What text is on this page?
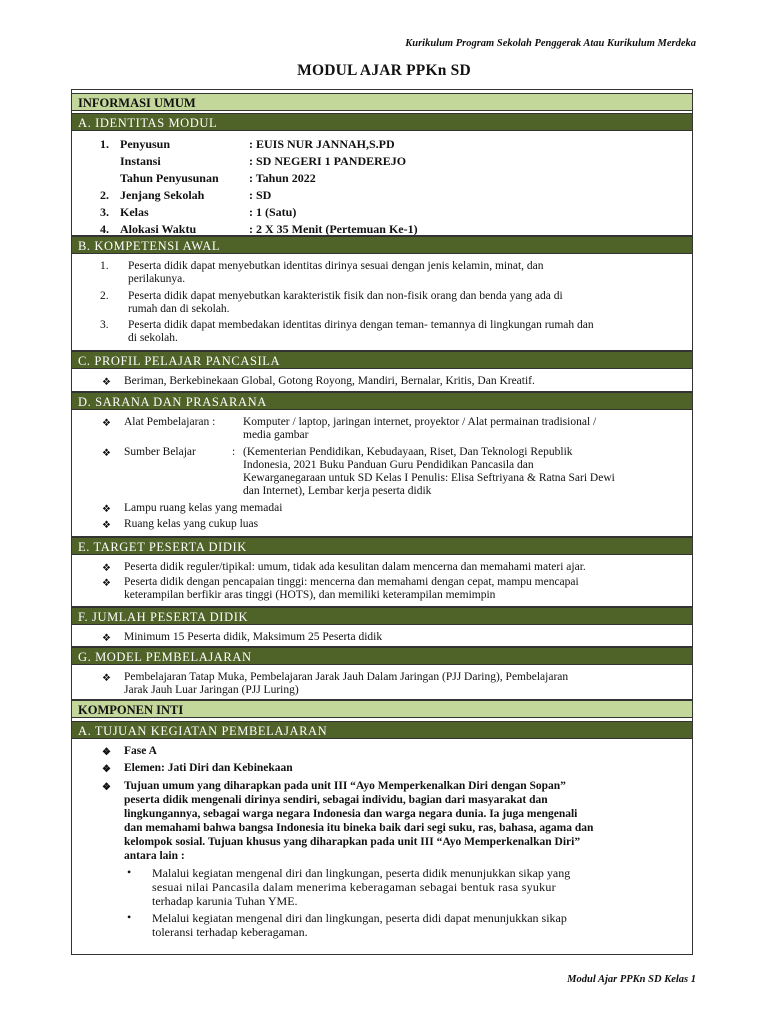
Kurikulum Program Sekolah Penggerak Atau Kurikulum Merdeka
MODUL AJAR PPKn SD
INFORMASI UMUM
A. IDENTITAS MODUL
1. Penyusun	: EUIS NUR JANNAH,S.PD
Instansi	: SD NEGERI 1 PANDEREJO
Tahun Penyusunan	: Tahun 2022
2. Jenjang Sekolah	: SD
3. Kelas	: 1 (Satu)
4. Alokasi Waktu	: 2 X 35 Menit (Pertemuan Ke-1)
B. KOMPETENSI AWAL
1. Peserta didik dapat menyebutkan identitas dirinya sesuai dengan jenis kelamin, minat, dan
perilakunya.
2. Peserta didik dapat menyebutkan karakteristik fisik dan non-fisik orang dan benda yang ada di
rumah dan di sekolah.
3. Peserta didik dapat membedakan identitas dirinya dengan teman- temannya di lingkungan rumah dan
di sekolah.
C. PROFIL PELAJAR PANCASILA
❖ Beriman, Berkebinekaan Global, Gotong Royong, Mandiri, Bernalar, Kritis, Dan Kreatif.
D. SARANA DAN PRASARANA
❖ Alat Pembelajaran : Komputer / laptop, jaringan internet, proyektor / Alat permainan tradisional /
media gambar
❖ Sumber Belajar	: (Kementerian Pendidikan, Kebudayaan, Riset, Dan Teknologi Republik
Indonesia, 2021 Buku Panduan Guru Pendidikan Pancasila dan
Kewarganegaraan untuk SD Kelas I Penulis: Elisa Seftriyana & Ratna Sari Dewi
dan Internet), Lembar kerja peserta didik
❖ Lampu ruang kelas yang memadai
❖ Ruang kelas yang cukup luas
E. TARGET PESERTA DIDIK
❖ Peserta didik reguler/tipikal: umum, tidak ada kesulitan dalam mencerna dan memahami materi ajar.
❖ Peserta didik dengan pencapaian tinggi: mencerna dan memahami dengan cepat, mampu mencapai
keterampilan berfikir aras tinggi (HOTS), dan memiliki keterampilan memimpin
F. JUMLAH PESERTA DIDIK
❖ Minimum 15 Peserta didik, Maksimum 25 Peserta didik
G. MODEL PEMBELAJARAN
❖ Pembelajaran Tatap Muka, Pembelajaran Jarak Jauh Dalam Jaringan (PJJ Daring), Pembelajaran
Jarak Jauh Luar Jaringan (PJJ Luring)
KOMPONEN INTI
A. TUJUAN KEGIATAN PEMBELAJARAN
❖ Fase A
❖ Elemen: Jati Diri dan Kebinekaan
❖ Tujuan umum yang diharapkan pada unit III “Ayo Memperkenalkan Diri dengan Sopan”
peserta didik mengenali dirinya sendiri, sebagai individu, bagian dari masyarakat dan
lingkungannya, sebagai warga negara Indonesia dan warga negara dunia. Ia juga mengenali
dan memahami bahwa bangsa Indonesia itu bineka baik dari segi suku, ras, bahasa, agama dan
kelompok sosial. Tujuan khusus yang diharapkan pada unit III “Ayo Memperkenalkan Diri”
antara lain :
• Malalui kegiatan mengenal diri dan lingkungan, peserta didik menunjukkan sikap yang
sesuai nilai Pancasila dalam menerima keberagaman sebagai bentuk rasa syukur
terhadap karunia Tuhan YME.
• Melalui kegiatan mengenal diri dan lingkungan, peserta didi dapat menunjukkan sikap
toleransi terhadap keberagaman.
Modul Ajar PPKn SD Kelas 1
